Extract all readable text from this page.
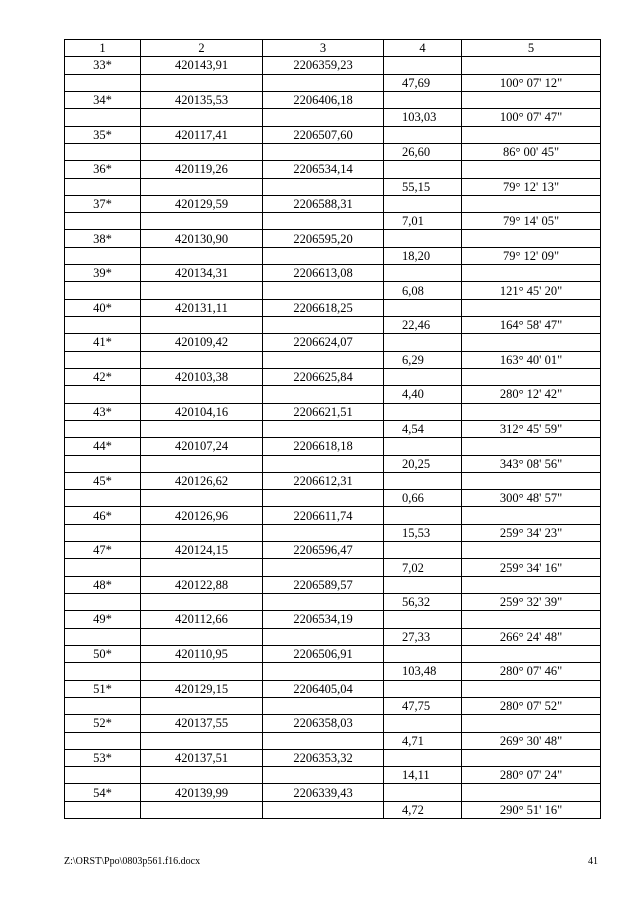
1	2	3	4	5
33*	420143,91	2206359,23		
			47,69	100° 07' 12"
34*	420135,53	2206406,18		
			103,03	100° 07' 47"
35*	420117,41	2206507,60		
			26,60	86° 00' 45"
36*	420119,26	2206534,14		
			55,15	79° 12' 13"
37*	420129,59	2206588,31		
			7,01	79° 14' 05"
38*	420130,90	2206595,20		
			18,20	79° 12' 09"
39*	420134,31	2206613,08		
			6,08	121° 45' 20"
40*	420131,11	2206618,25		
			22,46	164° 58' 47"
41*	420109,42	2206624,07		
			6,29	163° 40' 01"
42*	420103,38	2206625,84		
			4,40	280° 12' 42"
43*	420104,16	2206621,51		
			4,54	312° 45' 59"
44*	420107,24	2206618,18		
			20,25	343° 08' 56"
45*	420126,62	2206612,31		
			0,66	300° 48' 57"
46*	420126,96	2206611,74		
			15,53	259° 34' 23"
47*	420124,15	2206596,47		
			7,02	259° 34' 16"
48*	420122,88	2206589,57		
			56,32	259° 32' 39"
49*	420112,66	2206534,19		
			27,33	266° 24' 48"
50*	420110,95	2206506,91		
			103,48	280° 07' 46"
51*	420129,15	2206405,04		
			47,75	280° 07' 52"
52*	420137,55	2206358,03		
			4,71	269° 30' 48"
53*	420137,51	2206353,32		
			14,11	280° 07' 24"
54*	420139,99	2206339,43		
			4,72	290° 51' 16"
Z:\ORST\Ppo\0803p561.f16.docx	41
